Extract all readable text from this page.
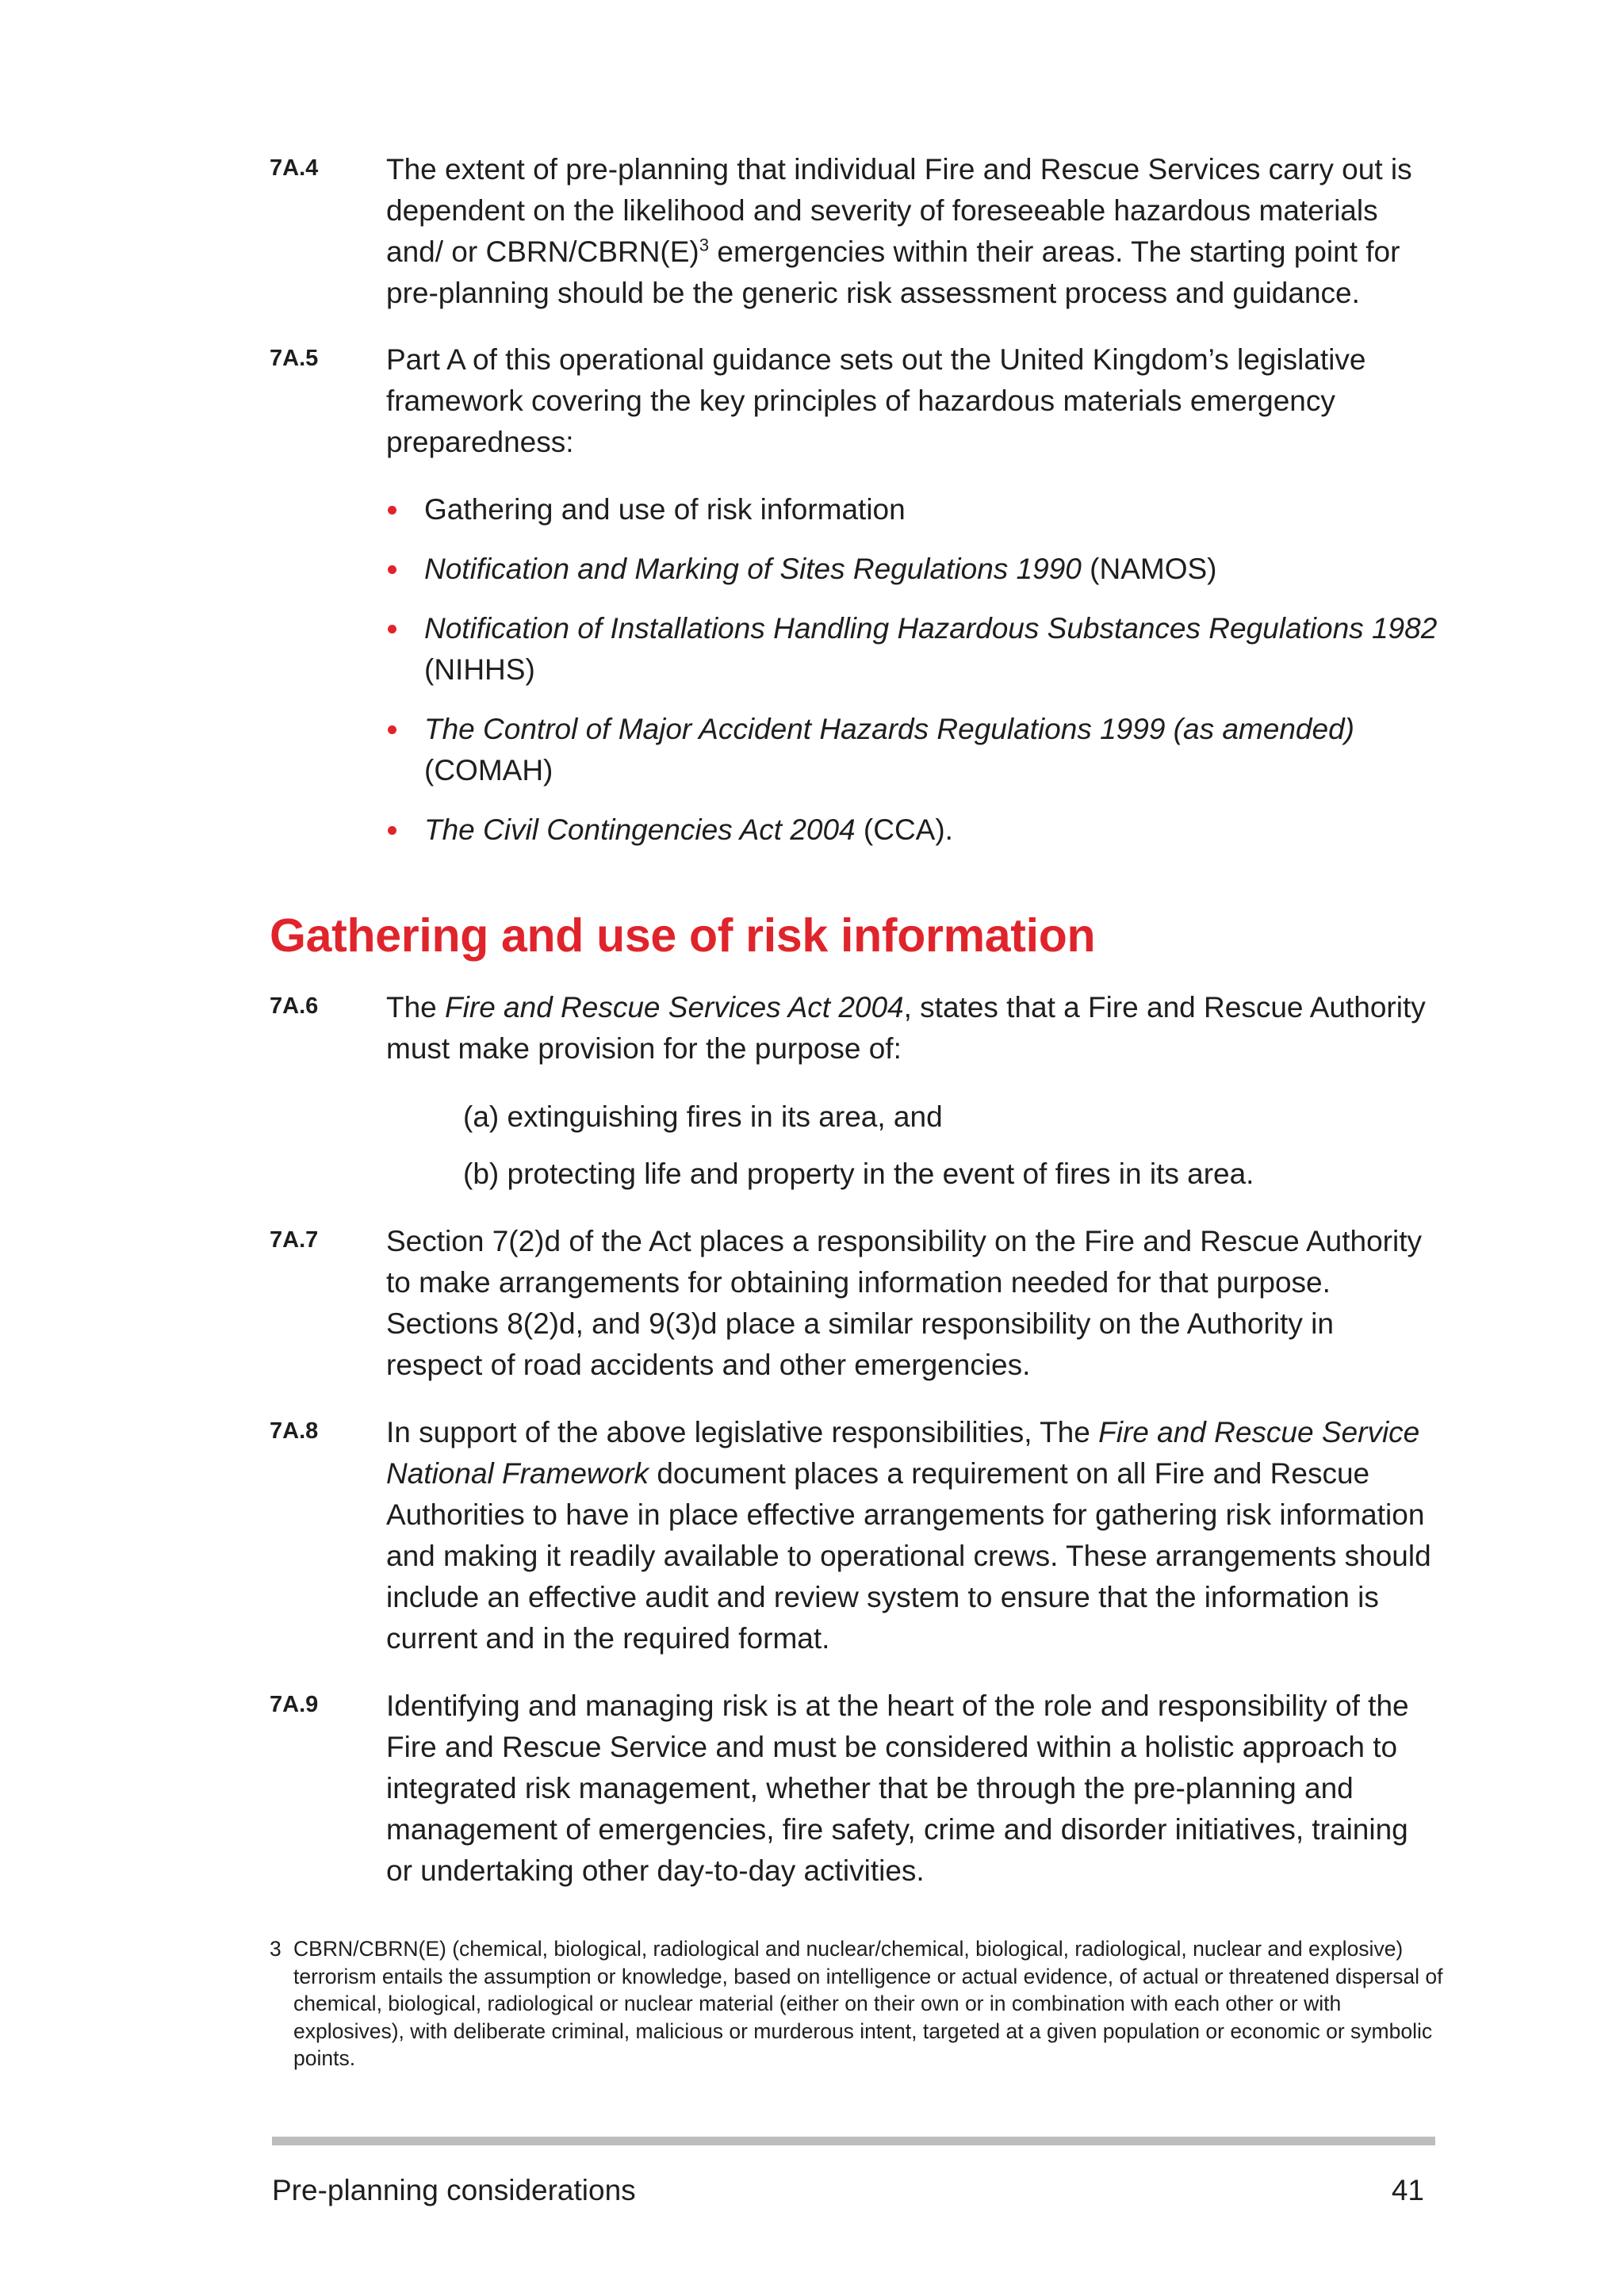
7A.4	The extent of pre-planning that individual Fire and Rescue Services carry out is dependent on the likelihood and severity of foreseeable hazardous materials and/ or CBRN/$CBRN(E)^3$ emergencies within their areas. The starting point for pre-planning should be the generic risk assessment process and guidance.
7A.5	Part A of this operational guidance sets out the United Kingdom’s legislative framework covering the key principles of hazardous materials emergency preparedness:
Gathering and use of risk information
Notification and Marking of Sites Regulations 1990 (NAMOS)
Notification of Installations Handling Hazardous Substances Regulations 1982 (NIHHS)
The Control of Major Accident Hazards Regulations 1999 (as amended) (COMAH)
The Civil Contingencies Act 2004 (CCA).
Gathering and use of risk information
7A.6	The Fire and Rescue Services Act 2004, states that a Fire and Rescue Authority must make provision for the purpose of:
(a) extinguishing fires in its area, and
(b) protecting life and property in the event of fires in its area.
7A.7	Section 7(2)d of the Act places a responsibility on the Fire and Rescue Authority to make arrangements for obtaining information needed for that purpose. Sections 8(2)d, and 9(3)d place a similar responsibility on the Authority in respect of road accidents and other emergencies.
7A.8	In support of the above legislative responsibilities, The Fire and Rescue Service National Framework document places a requirement on all Fire and Rescue Authorities to have in place effective arrangements for gathering risk information and making it readily available to operational crews. These arrangements should include an effective audit and review system to ensure that the information is current and in the required format.
7A.9	Identifying and managing risk is at the heart of the role and responsibility of the Fire and Rescue Service and must be considered within a holistic approach to integrated risk management, whether that be through the pre-planning and management of emergencies, fire safety, crime and disorder initiatives, training or undertaking other day-to-day activities.
3 CBRN/CBRN(E) (chemical, biological, radiological and nuclear/chemical, biological, radiological, nuclear and explosive) terrorism entails the assumption or knowledge, based on intelligence or actual evidence, of actual or threatened dispersal of chemical, biological, radiological or nuclear material (either on their own or in combination with each other or with explosives), with deliberate criminal, malicious or murderous intent, targeted at a given population or economic or symbolic points.
Pre-planning considerations	41
